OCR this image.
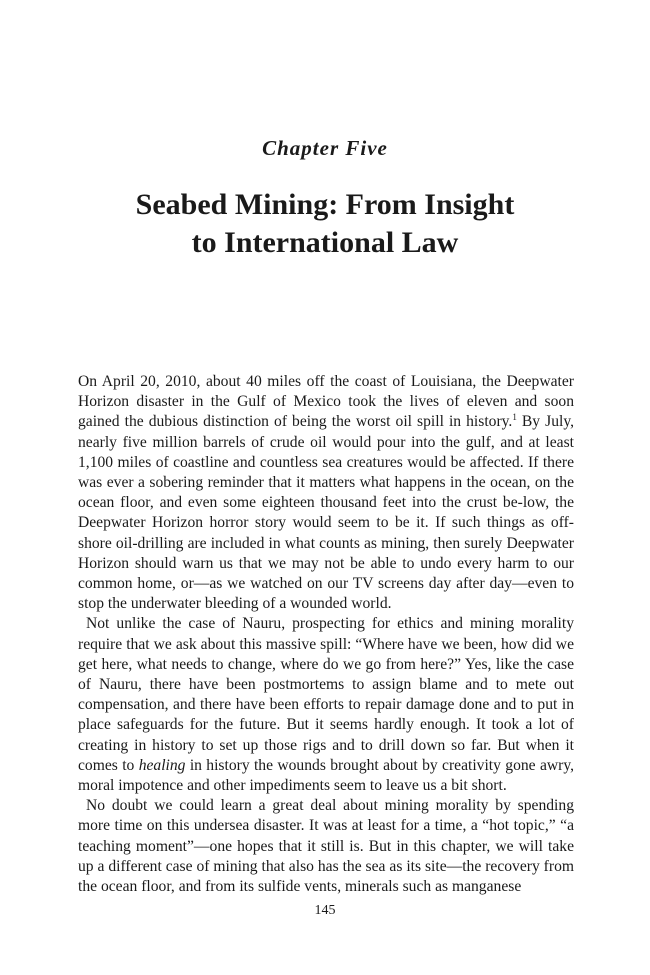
Chapter Five
Seabed Mining: From Insight
to International Law

On April 20, 2010, about 40 miles off the coast of Louisiana, the Deepwater Horizon disaster in the Gulf of Mexico took the lives of eleven and soon gained the dubious distinction of being the worst oil spill in history.$^1$ By July, nearly five million barrels of crude oil would pour into the gulf, and at least 1,100 miles of coastline and countless sea creatures would be affected. If there was ever a sobering reminder that it matters what happens in the ocean, on the ocean floor, and even some eighteen thousand feet into the crust be-low, the Deepwater Horizon horror story would seem to be it. If such things as off-shore oil-drilling are included in what counts as mining, then surely Deepwater Horizon should warn us that we may not be able to undo every harm to our common home, or—as we watched on our TV screens day after day—even to stop the underwater bleeding of a wounded world.

Not unlike the case of Nauru, prospecting for ethics and mining morality require that we ask about this massive spill: “Where have we been, how did we get here, what needs to change, where do we go from here?” Yes, like the case of Nauru, there have been postmortems to assign blame and to mete out compensation, and there have been efforts to repair damage done and to put in place safeguards for the future. But it seems hardly enough. It took a lot of creating in history to set up those rigs and to drill down so far. But when it comes to healing in history the wounds brought about by creativity gone awry, moral impotence and other impediments seem to leave us a bit short.

No doubt we could learn a great deal about mining morality by spending more time on this undersea disaster. It was at least for a time, a “hot topic,” “a teaching moment”—one hopes that it still is. But in this chapter, we will take up a different case of mining that also has the sea as its site—the recovery from the ocean floor, and from its sulfide vents, minerals such as manganese

145
